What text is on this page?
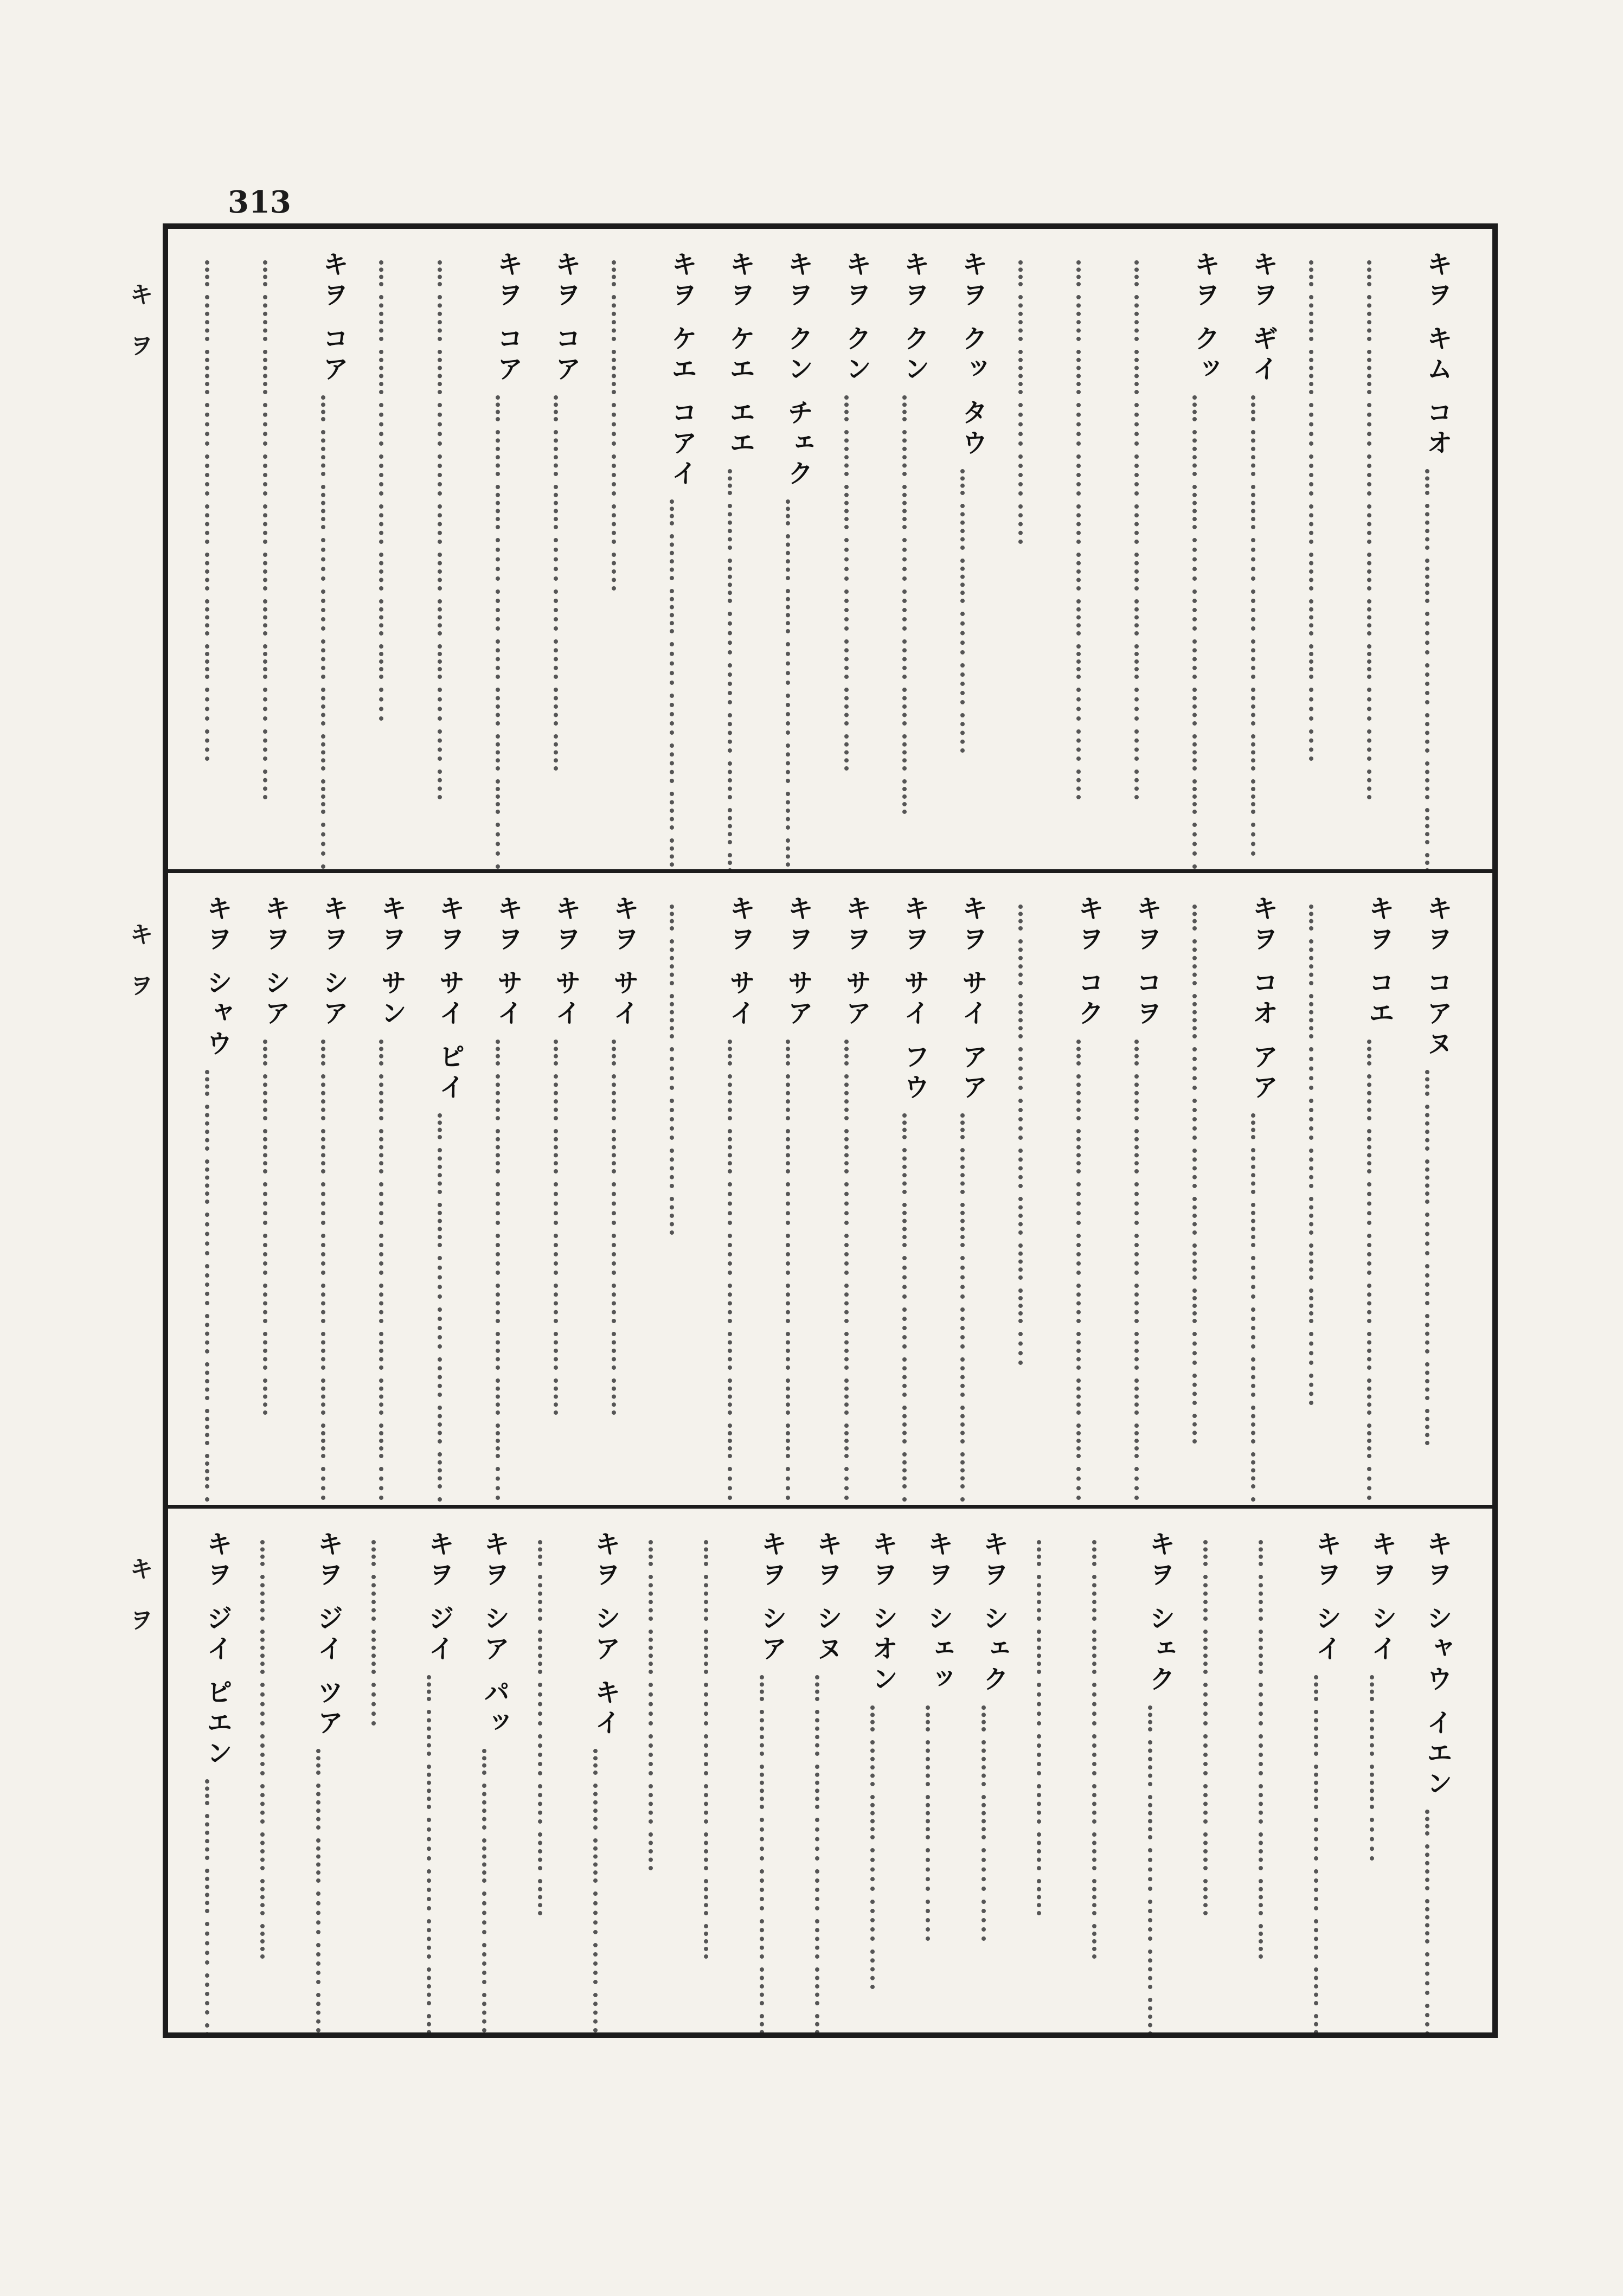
313
キヲ
キヲ
キヲ
キヲ キム コオ
キヲ ギイ
キヲ クッ
キヲ クッ タウ
キヲ クン
キヲ クン
キヲ クン チェク
キヲ ケエ エエ
キヲ ケエ コアイ
キヲ コア
キヲ コア
キヲ コア
キヲ コアヌ
キヲ コエ
キヲ コオ アア
キヲ コヲ
キヲ コク
キヲ サイ アア
キヲ サイ フウ
キヲ サア
キヲ サア
キヲ サイ
キヲ サイ
キヲ サイ
キヲ サイ
キヲ サイ ピイ
キヲ サン
キヲ シア
キヲ シア
キヲ シャウ
キヲ シャウ イエン
キヲ シイ
キヲ シイ
キヲ シェク
キヲ シェク
キヲ シェッ
キヲ シオン
キヲ シヌ
キヲ シア
キヲ シア キイ
キヲ シア パッ
キヲ ジイ
キヲ ジイ ツア
キヲ ジイ ピエン
